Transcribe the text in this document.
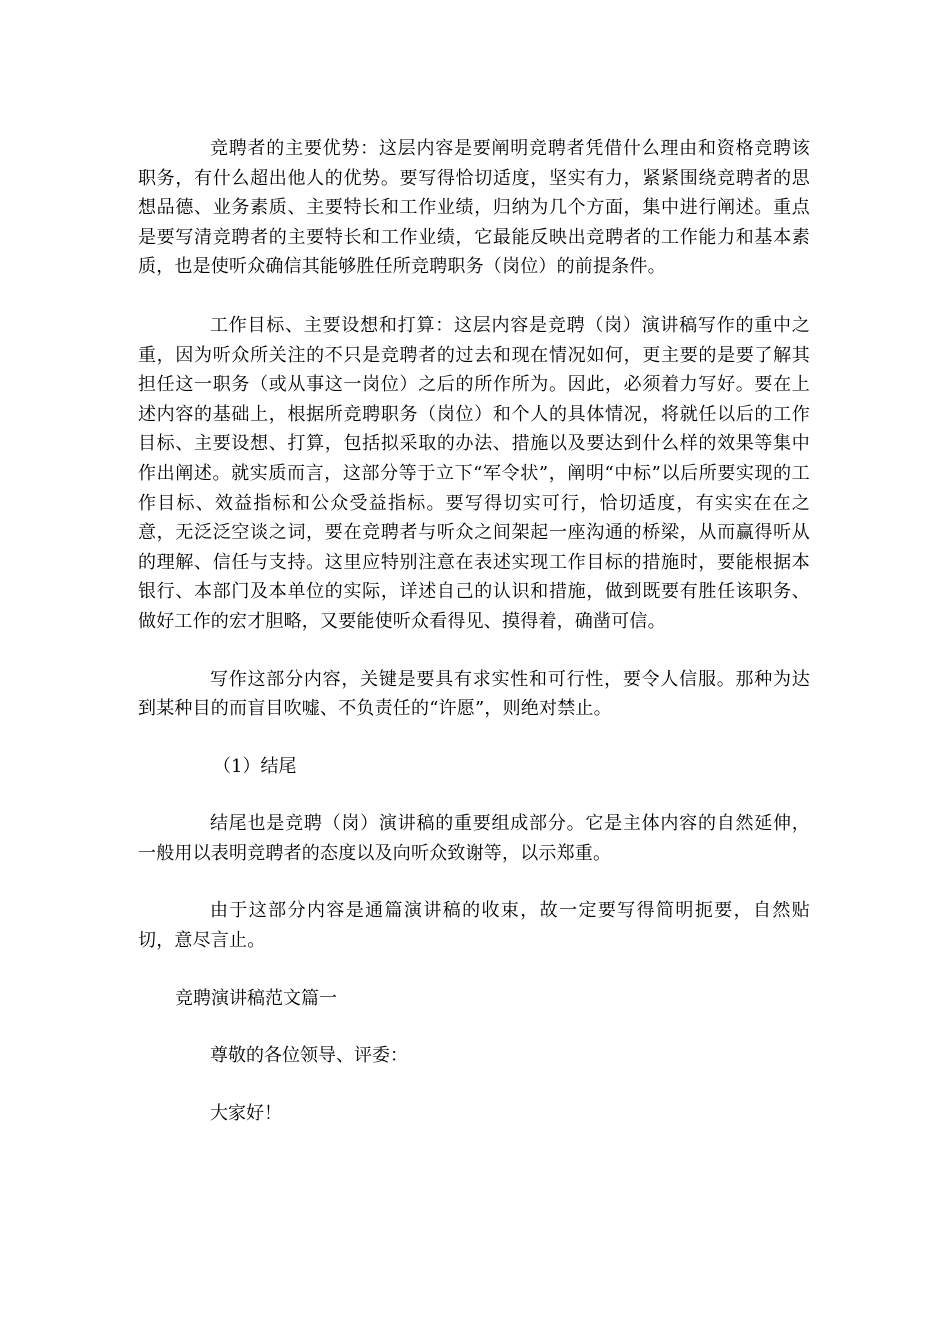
竞聘者的主要优势：这层内容是要阐明竞聘者凭借什么理由和资格竞聘该职务，有什么超出他人的优势。要写得恰切适度，坚实有力，紧紧围绕竞聘者的思想品德、业务素质、主要特长和工作业绩，归纳为几个方面，集中进行阐述。重点是要写清竞聘者的主要特长和工作业绩，它最能反映出竞聘者的工作能力和基本素质，也是使听众确信其能够胜任所竞聘职务（岗位）的前提条件。

工作目标、主要设想和打算：这层内容是竞聘（岗）演讲稿写作的重中之重，因为听众所关注的不只是竞聘者的过去和现在情况如何，更主要的是要了解其担任这一职务（或从事这一岗位）之后的所作所为。因此，必须着力写好。要在上述内容的基础上，根据所竞聘职务（岗位）和个人的具体情况，将就任以后的工作目标、主要设想、打算，包括拟采取的办法、措施以及要达到什么样的效果等集中作出阐述。就实质而言，这部分等于立下“军令状”，阐明“中标”以后所要实现的工作目标、效益指标和公众受益指标。要写得切实可行，恰切适度，有实实在在之意，无泛泛空谈之词，要在竞聘者与听众之间架起一座沟通的桥梁，从而赢得听从的理解、信任与支持。这里应特别注意在表述实现工作目标的措施时，要能根据本银行、本部门及本单位的实际，详述自己的认识和措施，做到既要有胜任该职务、做好工作的宏才胆略，又要能使听众看得见、摸得着，确凿可信。

写作这部分内容，关键是要具有求实性和可行性，要令人信服。那种为达到某种目的而盲目吹嘘、不负责任的“许愿”，则绝对禁止。

（1）结尾

结尾也是竞聘（岗）演讲稿的重要组成部分。它是主体内容的自然延伸，一般用以表明竞聘者的态度以及向听众致谢等，以示郑重。

由于这部分内容是通篇演讲稿的收束，故一定要写得简明扼要，自然贴切，意尽言止。

竞聘演讲稿范文篇一

尊敬的各位领导、评委：

大家好！
